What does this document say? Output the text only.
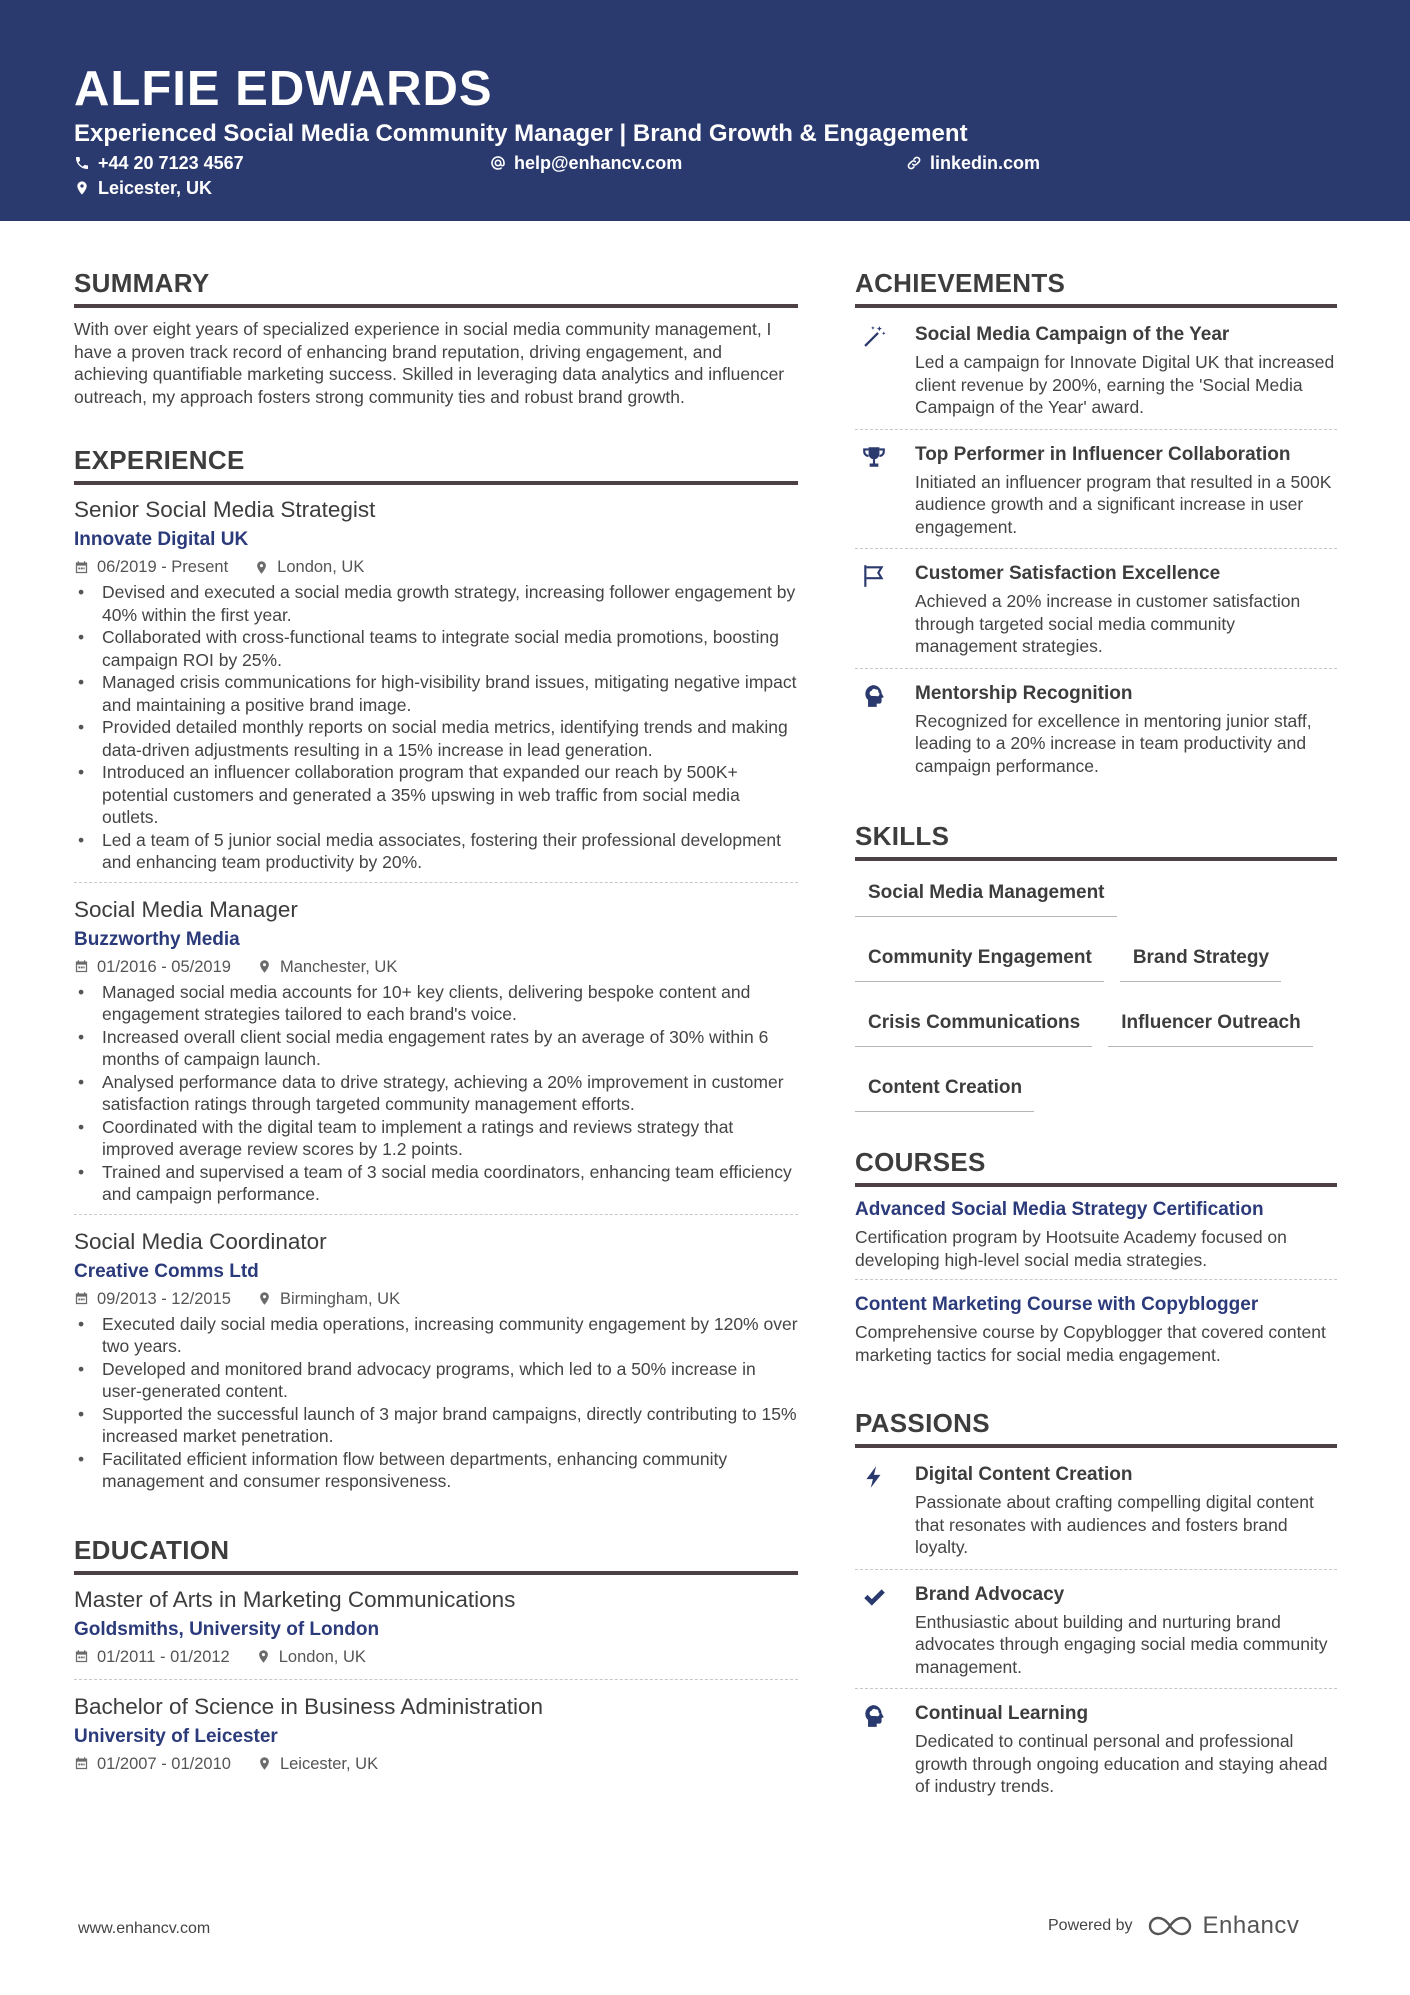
ALFIE EDWARDS
Experienced Social Media Community Manager | Brand Growth & Engagement
+44 20 7123 4567	help@enhancv.com	linkedin.com
Leicester, UK
SUMMARY
With over eight years of specialized experience in social media community management, I have a proven track record of enhancing brand reputation, driving engagement, and achieving quantifiable marketing success. Skilled in leveraging data analytics and influencer outreach, my approach fosters strong community ties and robust brand growth.
EXPERIENCE
Senior Social Media Strategist
Innovate Digital UK
06/2019 - Present	London, UK
• Devised and executed a social media growth strategy, increasing follower engagement by 40% within the first year.
• Collaborated with cross-functional teams to integrate social media promotions, boosting campaign ROI by 25%.
• Managed crisis communications for high-visibility brand issues, mitigating negative impact and maintaining a positive brand image.
• Provided detailed monthly reports on social media metrics, identifying trends and making data-driven adjustments resulting in a 15% increase in lead generation.
• Introduced an influencer collaboration program that expanded our reach by 500K+ potential customers and generated a 35% upswing in web traffic from social media outlets.
• Led a team of 5 junior social media associates, fostering their professional development and enhancing team productivity by 20%.
Social Media Manager
Buzzworthy Media
01/2016 - 05/2019	Manchester, UK
• Managed social media accounts for 10+ key clients, delivering bespoke content and engagement strategies tailored to each brand's voice.
• Increased overall client social media engagement rates by an average of 30% within 6 months of campaign launch.
• Analysed performance data to drive strategy, achieving a 20% improvement in customer satisfaction ratings through targeted community management efforts.
• Coordinated with the digital team to implement a ratings and reviews strategy that improved average review scores by 1.2 points.
• Trained and supervised a team of 3 social media coordinators, enhancing team efficiency and campaign performance.
Social Media Coordinator
Creative Comms Ltd
09/2013 - 12/2015	Birmingham, UK
• Executed daily social media operations, increasing community engagement by 120% over two years.
• Developed and monitored brand advocacy programs, which led to a 50% increase in user-generated content.
• Supported the successful launch of 3 major brand campaigns, directly contributing to 15% increased market penetration.
• Facilitated efficient information flow between departments, enhancing community management and consumer responsiveness.
EDUCATION
Master of Arts in Marketing Communications
Goldsmiths, University of London
01/2011 - 01/2012	London, UK
Bachelor of Science in Business Administration
University of Leicester
01/2007 - 01/2010	Leicester, UK
ACHIEVEMENTS
Social Media Campaign of the Year
Led a campaign for Innovate Digital UK that increased client revenue by 200%, earning the 'Social Media Campaign of the Year' award.
Top Performer in Influencer Collaboration
Initiated an influencer program that resulted in a 500K audience growth and a significant increase in user engagement.
Customer Satisfaction Excellence
Achieved a 20% increase in customer satisfaction through targeted social media community management strategies.
Mentorship Recognition
Recognized for excellence in mentoring junior staff, leading to a 20% increase in team productivity and campaign performance.
SKILLS
Social Media Management
Community Engagement	Brand Strategy
Crisis Communications	Influencer Outreach
Content Creation
COURSES
Advanced Social Media Strategy Certification
Certification program by Hootsuite Academy focused on developing high-level social media strategies.
Content Marketing Course with Copyblogger
Comprehensive course by Copyblogger that covered content marketing tactics for social media engagement.
PASSIONS
Digital Content Creation
Passionate about crafting compelling digital content that resonates with audiences and fosters brand loyalty.
Brand Advocacy
Enthusiastic about building and nurturing brand advocates through engaging social media community management.
Continual Learning
Dedicated to continual personal and professional growth through ongoing education and staying ahead of industry trends.
www.enhancv.com	Powered by	Enhancv
